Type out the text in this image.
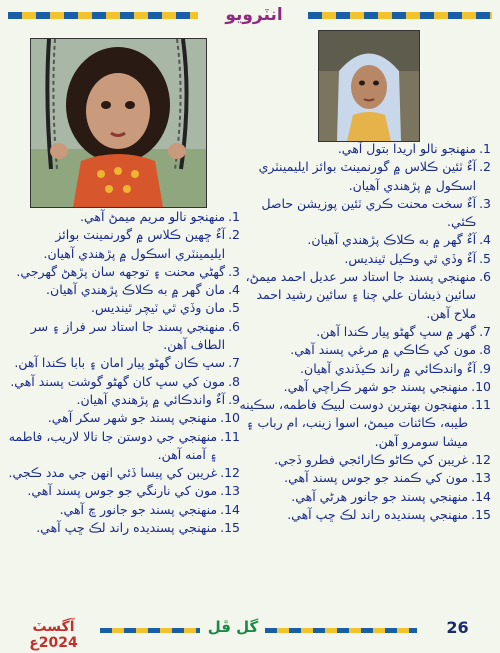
انٽرويو
1.
منهنجو نالو اريدا بتول آهي.
2.
آءٌ ٽئين ڪلاس ۾ گورنمينٽ بوائز ايليمينٽري اسڪول ۾ پڙهندي آهيان.
3.
آءٌ سخت محنت ڪري ٽئين پوزيشن حاصل ڪئي.
4.
آءٌ گھر ۾ به ڪلاڪ پڙهندي آهيان.
5.
آءٌ وڏي ٿي وڪيل ٿينديس.
6.
منهنجي پسند جا استاد سر عديل احمد ميمڻ، سائين ذيشان علي چنا ۽ سائين رشيد احمد ملاح آهن.
7.
گھر ۾ سڀ گھڻو پيار ڪندا آهن.
8.
مون کي ڪاڪي ۾ مرغي پسند آهي.
9.
آءٌ واندڪائي ۾ راند ڪيڏندي آهيان.
10.
منهنجي پسند جو شهر ڪراچي آهي.
11.
منهنجون بهترين دوست لبيڪ فاطمه، سڪينه طيبه، ڪائنات ميمڻ، اسوا زينب، ام رباب ۽ ميشا سومرو آهن.
12.
غريبن کي ڪاڻو ڪارائجي فطرو ڏجي.
13.
مون کي ڪمند جو جوس پسند آهي.
14.
منهنجي پسند جو جانور هرڻي آهي.
15.
منهنجي پسنديده راند لڪ ڇپ آهي.
1.
منهنجو نالو مريم ميمڻ آهي.
2.
آءٌ ڇهين ڪلاس ۾ گورنمينٽ بوائز ايليمينٽري اسڪول ۾ پڙهندي آهيان.
3.
گھڻي محنت ۽ توجهه سان پڙهڻ گھرجي.
4.
مان گھر ۾ به ڪلاڪ پڙهندي آهيان.
5.
مان وڏي ٿي ٽيچر ٿينديس.
6.
منهنجي پسند جا استاد سر فراز ۽ سر الطاف آهن.
7.
سڀ ڪان گھڻو پيار امان ۽ بابا ڪندا آهن.
8.
مون کي سڀ کان گھڻو گوشت پسند آهي.
9.
آءٌ واندڪائي ۾ پڙهندي آهيان.
10.
منهنجي پسند جو شهر سکر آهي.
11.
منهنجي جي دوستن جا نالا لاريب، فاطمه ۽ آمنه آهن.
12.
غريبن کي پيسا ڏئي انهن جي مدد ڪجي.
13.
مون کي نارنگي جو جوس پسند آهي.
14.
منهنجي پسند جو جانور ڇ آهي.
15.
منهنجي پسنديده راند لڪ ڇپ آهي.
آگسٽ 2024ع
گل ڦل	26
